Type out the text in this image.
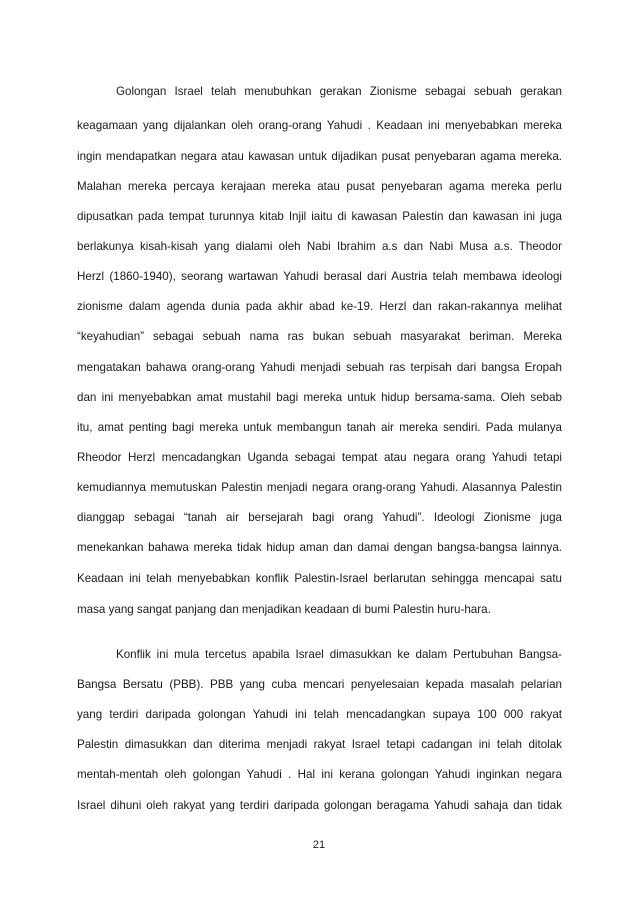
Golongan Israel telah menubuhkan gerakan Zionisme sebagai sebuah gerakan
keagamaan yang dijalankan oleh orang-orang Yahudi . Keadaan ini menyebabkan mereka
ingin mendapatkan negara atau kawasan untuk dijadikan pusat penyebaran agama mereka.
Malahan mereka percaya kerajaan mereka atau pusat penyebaran agama mereka perlu
dipusatkan pada tempat turunnya kitab Injil iaitu di kawasan Palestin dan kawasan ini juga
berlakunya kisah-kisah yang dialami oleh Nabi Ibrahim a.s dan Nabi Musa a.s. Theodor
Herzl (1860-1940), seorang wartawan Yahudi berasal dari Austria telah membawa ideologi
zionisme dalam agenda dunia pada akhir abad ke-19. Herzl dan rakan-rakannya melihat
“keyahudian” sebagai sebuah nama ras bukan sebuah masyarakat beriman. Mereka
mengatakan bahawa orang-orang Yahudi menjadi sebuah ras terpisah dari bangsa Eropah
dan ini menyebabkan amat mustahil bagi mereka untuk hidup bersama-sama. Oleh sebab
itu, amat penting bagi mereka untuk membangun tanah air mereka sendiri. Pada mulanya
Rheodor Herzl mencadangkan Uganda sebagai tempat atau negara orang Yahudi tetapi
kemudiannya memutuskan Palestin menjadi negara orang-orang Yahudi. Alasannya Palestin
dianggap sebagai “tanah air bersejarah bagi orang Yahudi”. Ideologi Zionisme juga
menekankan bahawa mereka tidak hidup aman dan damai dengan bangsa-bangsa lainnya.
Keadaan ini telah menyebabkan konflik Palestin-Israel berlarutan sehingga mencapai satu
masa yang sangat panjang dan menjadikan keadaan di bumi Palestin huru-hara.
Konflik ini mula tercetus apabila Israel dimasukkan ke dalam Pertubuhan Bangsa-
Bangsa Bersatu (PBB). PBB yang cuba mencari penyelesaian kepada masalah pelarian
yang terdiri daripada golongan Yahudi ini telah mencadangkan supaya 100 000 rakyat
Palestin dimasukkan dan diterima menjadi rakyat Israel tetapi cadangan ini telah ditolak
mentah-mentah oleh golongan Yahudi . Hal ini kerana golongan Yahudi inginkan negara
Israel dihuni oleh rakyat yang terdiri daripada golongan beragama Yahudi sahaja dan tidak
21
